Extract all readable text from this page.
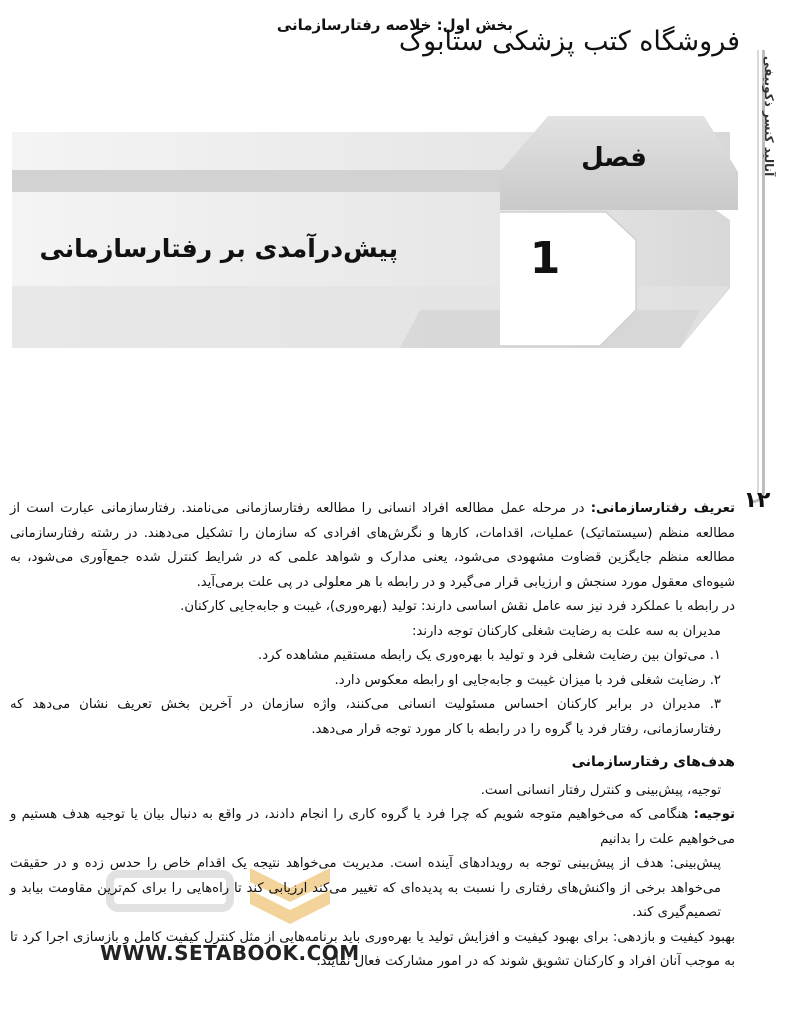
بخش اول: خلاصه رفتارسازمانی
فروشگاه کتب پزشکی ستابوک
آنالید کنسر ذکوبیفی
۱۲
فصل
1
پیش‌درآمدی بر رفتارسازمانی
WWW.SETABOOK.COM

تعریف رفتارسازمانی: در مرحله عمل مطالعه افراد انسانی را مطالعه رفتارسازمانی می‌نامند. رفتارسازمانی عبارت است از مطالعه منظم (سیستماتیک) عملیات، اقدامات، کارها و نگرش‌های افرادی که سازمان را تشکیل می‌دهند. در رشته رفتارسازمانی مطالعه منظم جایگزین قضاوت مشهودی می‌شود، یعنی مدارک و شواهد علمی که در شرایط کنترل شده جمع‌آوری می‌شود، به شیوه‌ای معقول مورد سنجش و ارزیابی قرار می‌گیرد و در رابطه با هر معلولی در پی علت برمی‌آید.

در رابطه با عملکرد فرد نیز سه عامل نقش اساسی دارند: تولید (بهره‌وری)، غیبت و جابه‌جایی کارکنان.

مدیران به سه علت به رضایت شغلی کارکنان توجه دارند:

۱. می‌توان بین رضایت شغلی فرد و تولید با بهره‌وری یک رابطه مستقیم مشاهده کرد.

۲. رضایت شغلی فرد با میزان غیبت و جابه‌جایی او رابطه معکوس دارد.

۳. مدیران در برابر کارکنان احساس مسئولیت انسانی می‌کنند، واژه سازمان در آخرین بخش تعریف نشان می‌دهد که رفتارسازمانی، رفتار فرد یا گروه را در رابطه با کار مورد توجه قرار می‌دهد.

هدف‌های رفتارسازمانی

توجیه، پیش‌بینی و کنترل رفتار انسانی است.

توجیه: هنگامی که می‌خواهیم متوجه شویم که چرا فرد یا گروه کاری را انجام دادند، در واقع به دنبال بیان یا توجیه هدف هستیم و می‌خواهیم علت را بدانیم

پیش‌بینی: هدف از پیش‌بینی توجه به رویدادهای آینده است. مدیریت می‌خواهد نتیجه یک اقدام خاص را حدس زده و در حقیقت می‌خواهد برخی از واکنش‌های رفتاری را نسبت به پدیده‌ای که تغییر می‌کند ارزیابی کند تا راه‌هایی را برای کم‌ترین مقاومت بیابد و تصمیم‌گیری کند.

بهبود کیفیت و بازدهی: برای بهبود کیفیت و افزایش تولید یا بهره‌وری باید برنامه‌هایی از مثل کنترل کیفیت کامل و بازسازی اجرا کرد تا به موجب آنان افراد و کارکنان تشویق شوند که در امور مشارکت فعال نمایند.
